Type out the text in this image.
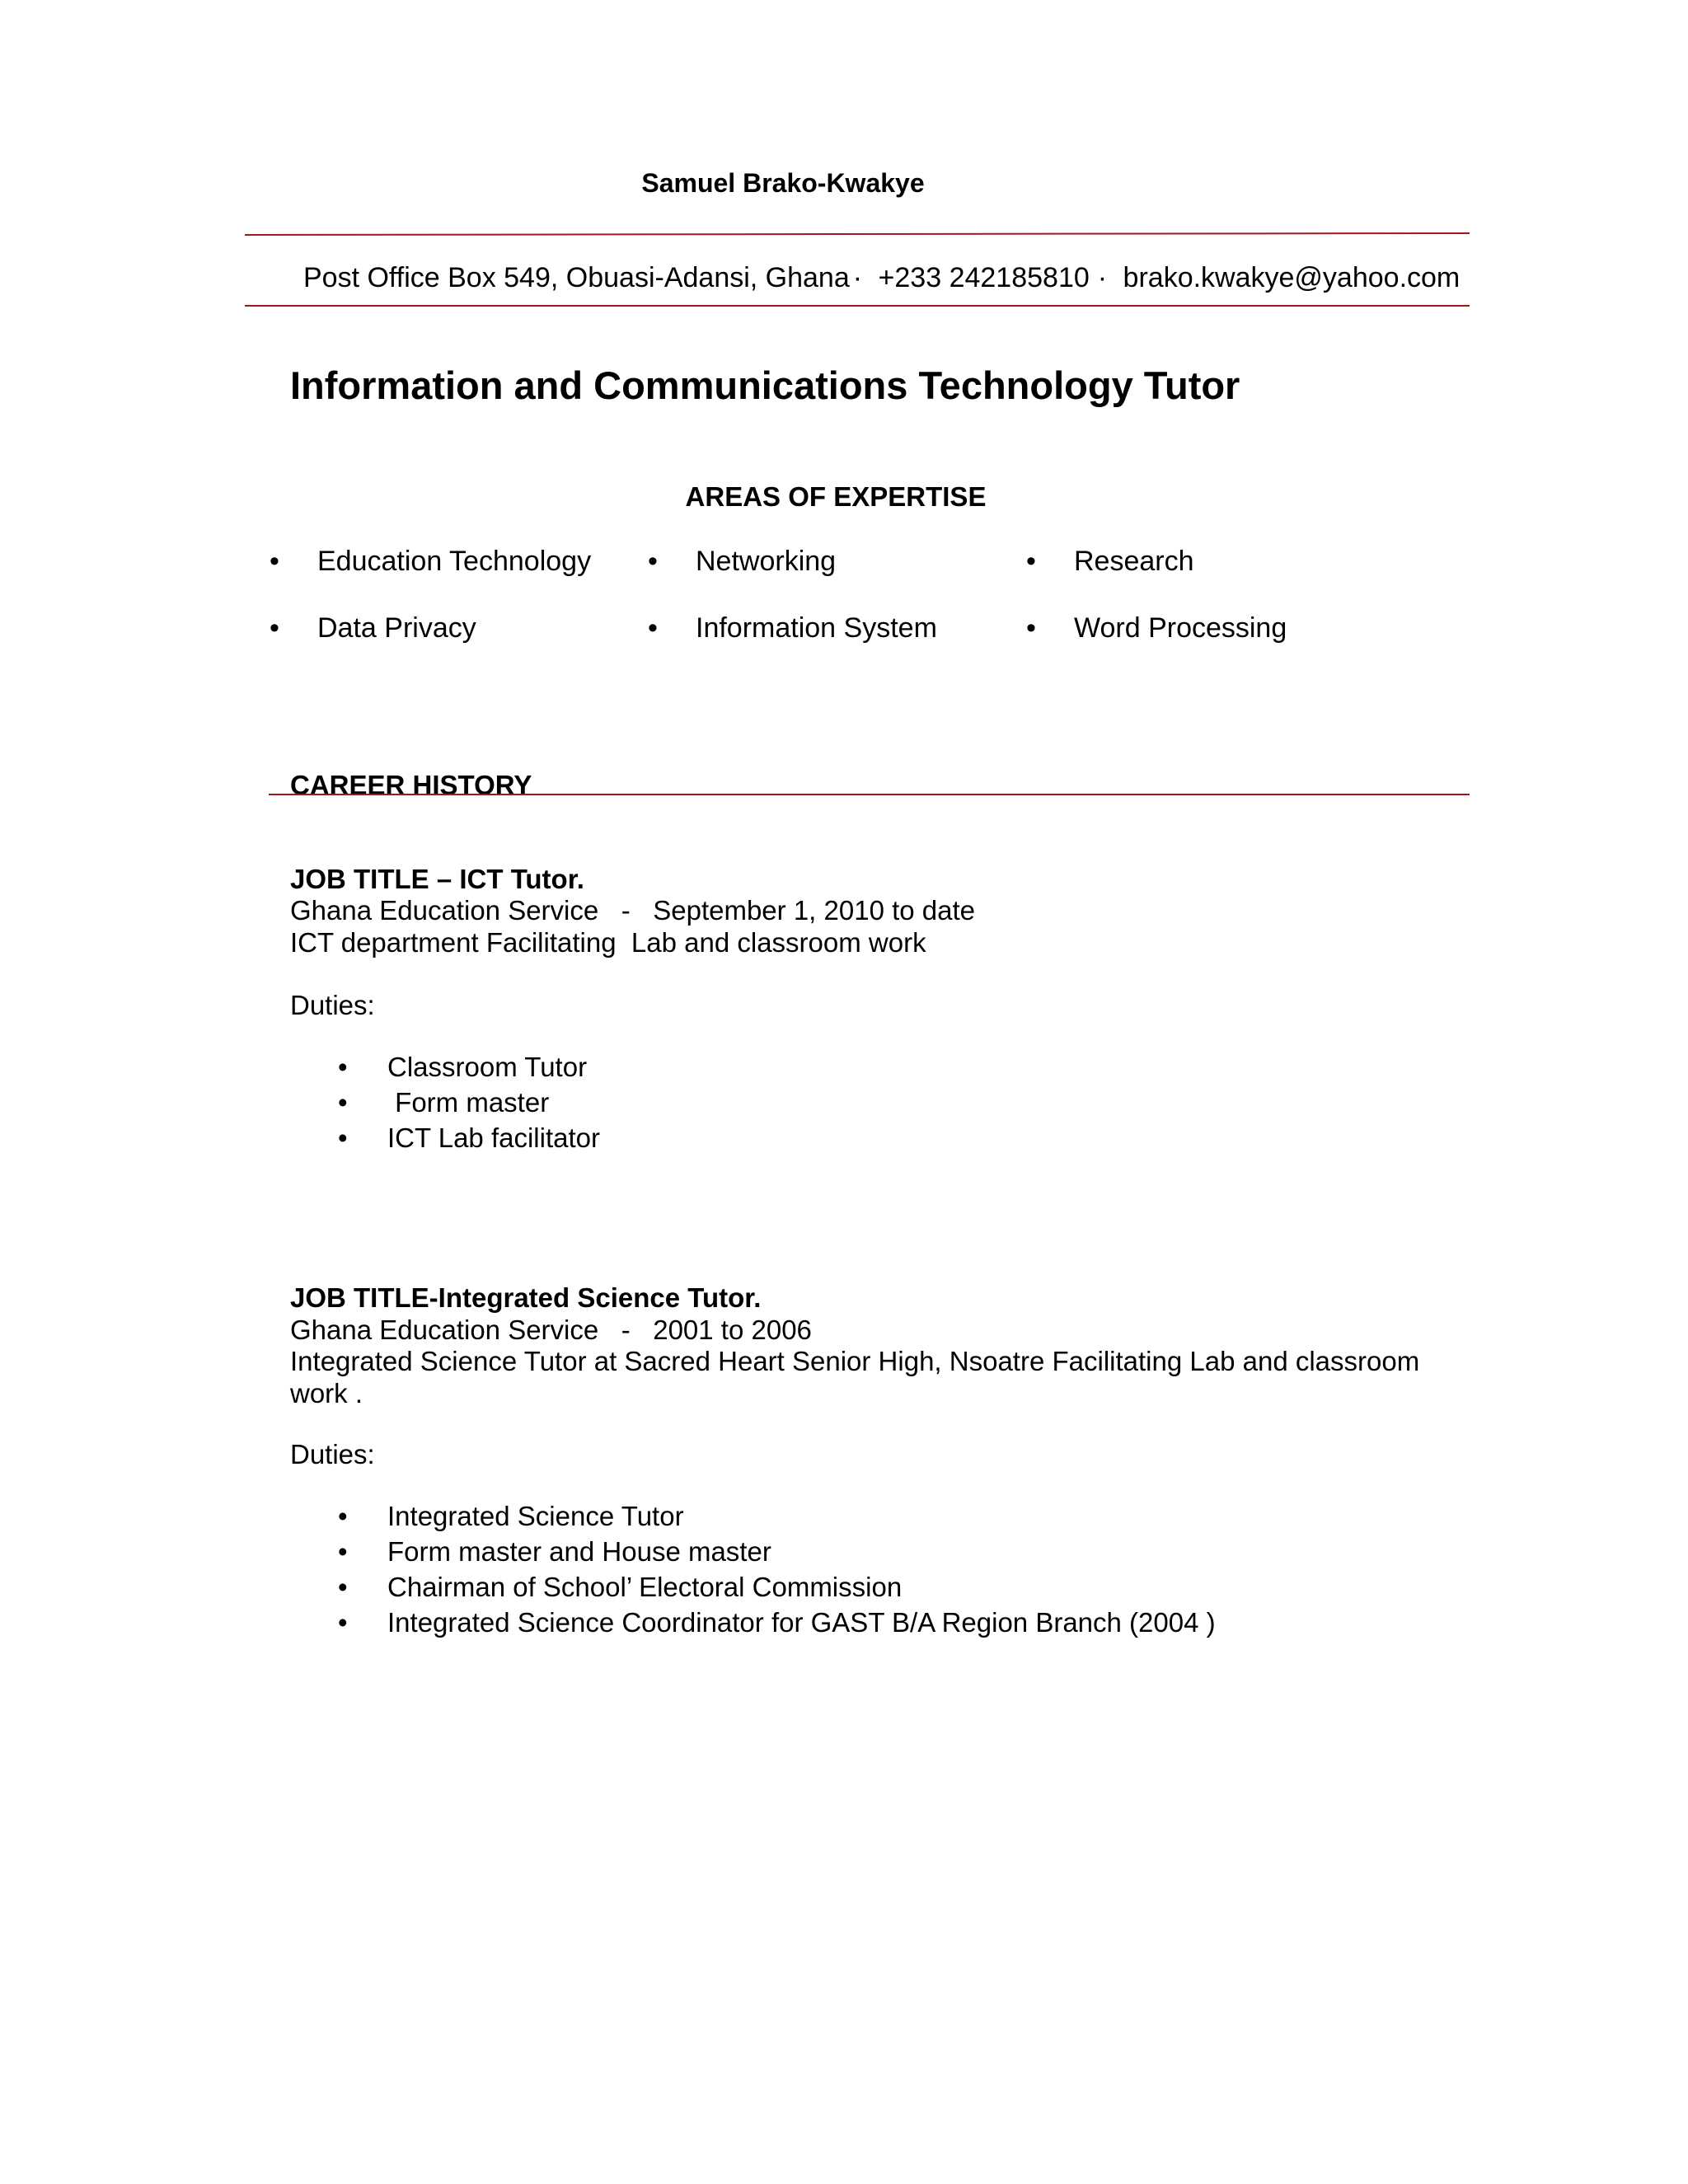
Samuel Brako-Kwakye
Post Office Box 549, Obuasi-Adansi, Ghana · +233 242185810 · brako.kwakye@yahoo.com
Information and Communications Technology Tutor
AREAS OF EXPERTISE
• Education Technology • Networking	• Research
• Data Privacy	• Information System	• Word Processing
CAREER HISTORY
JOB TITLE – ICT Tutor.
Ghana Education Service   -   September 1, 2010 to date
ICT department Facilitating  Lab and classroom work
Duties:
• Classroom Tutor
• Form master
• ICT Lab facilitator
JOB TITLE-Integrated Science Tutor.
Ghana Education Service   -   2001 to 2006
Integrated Science Tutor at Sacred Heart Senior High, Nsoatre Facilitating Lab and classroom work .
Duties:
• Integrated Science Tutor
• Form master and House master
• Chairman of School’ Electoral Commission
• Integrated Science Coordinator for GAST B/A Region Branch (2004 )
